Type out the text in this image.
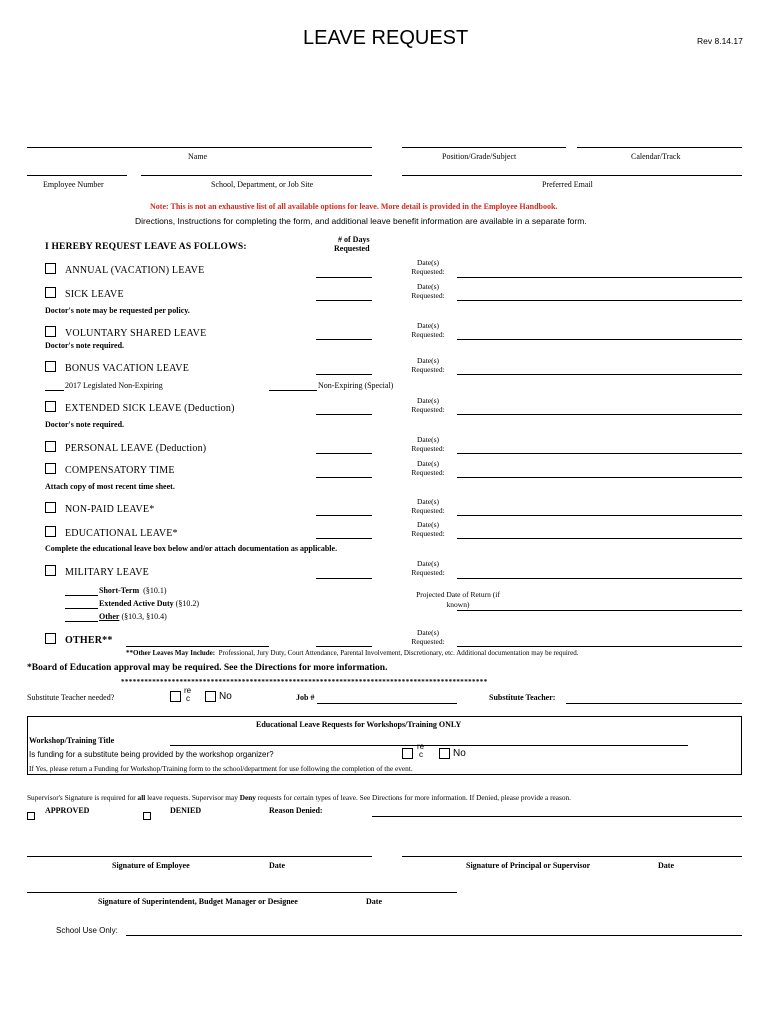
LEAVE REQUEST	Rev 8.14.17
Name	Position/Grade/Subject	Calendar/Track
Employee Number	School, Department, or Job Site	Preferred Email
Note: This is not an exhaustive list of all available options for leave. More detail is provided in the Employee Handbook.
Directions, Instructions for completing the form, and additional leave benefit information are available in a separate form.
I HEREBY REQUEST LEAVE AS FOLLOWS:
# of Days
Requested
ANNUAL (VACATION) LEAVE
Date(s)
Requested:
SICK LEAVE
Date(s)
Requested:
Doctor's note may be requested per policy.
VOLUNTARY SHARED LEAVE
Date(s)
Requested:
Doctor's note required.
BONUS VACATION LEAVE
Date(s)
Requested:
2017 Legislated Non-Expiring	Non-Expiring (Special)
EXTENDED SICK LEAVE (Deduction)
Date(s)
Requested:
Doctor's note required.
PERSONAL LEAVE (Deduction)
Date(s)
Requested:
COMPENSATORY TIME
Date(s)
Requested:
Attach copy of most recent time sheet.
NON-PAID LEAVE*
Date(s)
Requested:
EDUCATIONAL LEAVE*
Date(s)
Requested:
Complete the educational leave box below and/or attach documentation as applicable.
MILITARY LEAVE
Date(s)
Requested:
Short-Term (§10.1)
Extended Active Duty (§10.2)
Other (§10.3, §10.4)
Projected Date of Return (if
known)
OTHER**
Date(s)
Requested:
**Other Leaves May Include: Professional, Jury Duty, Court Attendance, Parental Involvement, Discretionary, etc. Additional documentation may be required.
*Board of Education approval may be required. See the Directions for more information.
**********************************************************************************************
Substitute Teacher needed?
re
c	No	Job #	Substitute Teacher:
Educational Leave Requests for Workshops/Training ONLY
Workshop/Training Title
Is funding for a substitute being provided by the workshop organizer?
re
c	No
If Yes, please return a Funding for Workshop/Training form to the school/department for use following the completion of the event.
Supervisor's Signature is required for all leave requests. Supervisor may Deny requests for certain types of leave. See Directions for more information. If Denied, please provide a reason.
APPROVED	DENIED	Reason Denied:
Signature of Employee	Date	Signature of Principal or Supervisor	Date
Signature of Superintendent, Budget Manager or Designee	Date
School Use Only:
